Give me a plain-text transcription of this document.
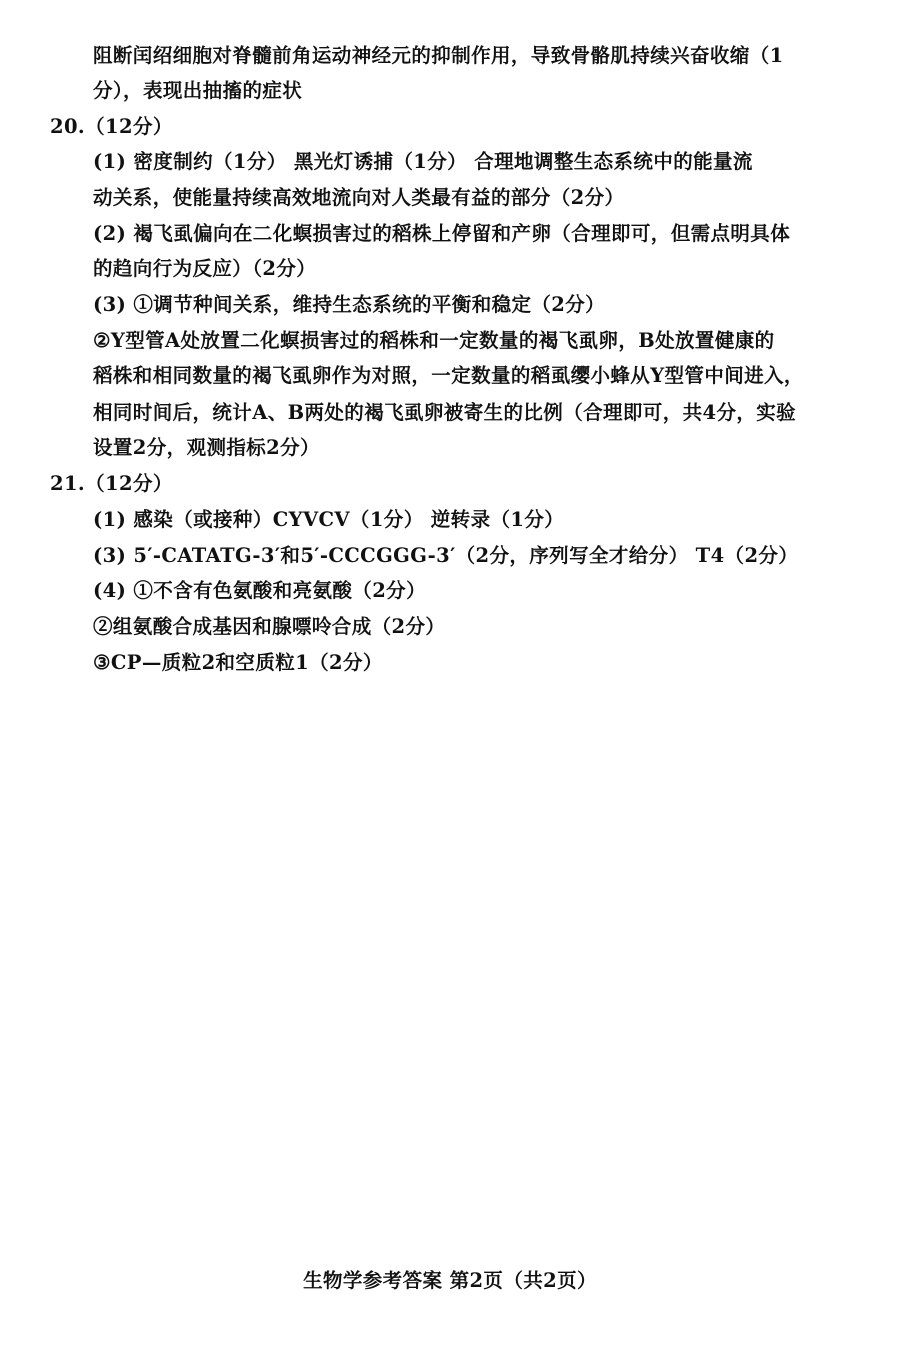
阻断闰绍细胞对脊髓前角运动神经元的抑制作用，导致骨骼肌持续兴奋收缩（1
分），表现出抽搐的症状
20.（12分）
(1) 密度制约（1分） 黑光灯诱捕（1分） 合理地调整生态系统中的能量流
动关系，使能量持续高效地流向对人类最有益的部分（2分）
(2) 褐飞虱偏向在二化螟损害过的稻株上停留和产卵（合理即可，但需点明具体
的趋向行为反应）（2分）
(3) ①调节种间关系，维持生态系统的平衡和稳定（2分）
②Y型管A处放置二化螟损害过的稻株和一定数量的褐飞虱卵，B处放置健康的
稻株和相同数量的褐飞虱卵作为对照，一定数量的稻虱缨小蜂从Y型管中间进入，
相同时间后，统计A、B两处的褐飞虱卵被寄生的比例（合理即可，共4分，实验
设置2分，观测指标2分）
21.（12分）
(1) 感染（或接种）CYVCV（1分） 逆转录（1分）
(3) 5′-CATATG-3′和5′-CCCGGG-3′（2分，序列写全才给分） T4（2分）
(4) ①不含有色氨酸和亮氨酸（2分）
②组氨酸合成基因和腺嘌呤合成（2分）
③CP—质粒2和空质粒1（2分）
生物学参考答案 第2页（共2页）
